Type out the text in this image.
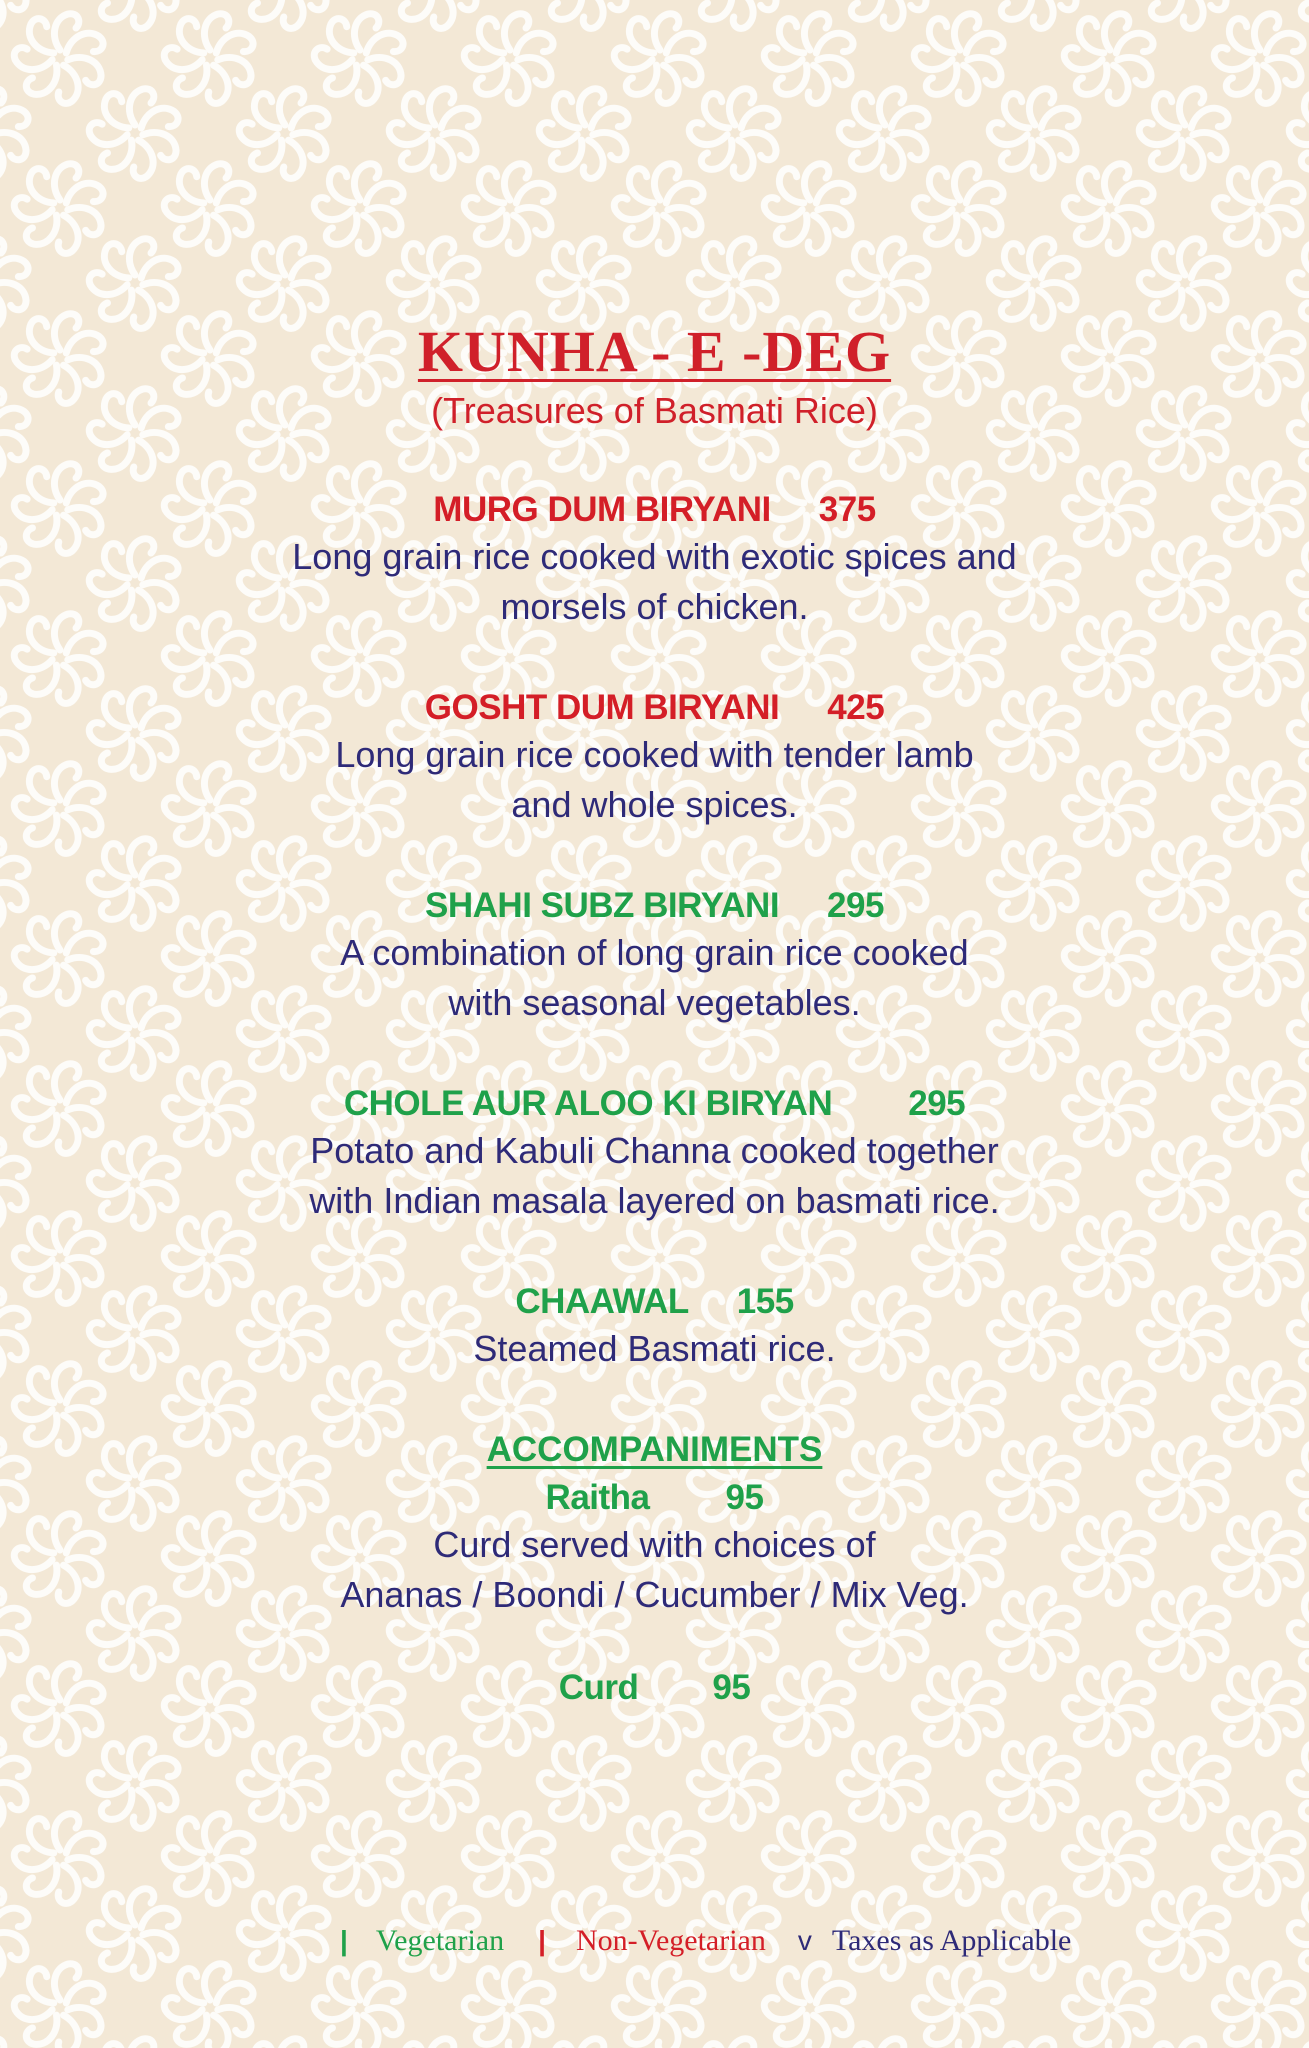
KUNHA - E -DEG
(Treasures of Basmati Rice)
MURG DUM BIRYANI 375
Long grain rice cooked with exotic spices and
morsels of chicken.
GOSHT DUM BIRYANI 425
Long grain rice cooked with tender lamb
and whole spices.
SHAHI SUBZ BIRYANI 295
A combination of long grain rice cooked
with seasonal vegetables.
CHOLE AUR ALOO KI BIRYAN 295
Potato and Kabuli Channa cooked together
with Indian masala layered on basmati rice.
CHAAWAL 155
Steamed Basmati rice.
ACCOMPANIMENTS
Raitha 95
Curd served with choices of
Ananas / Boondi / Cucumber / Mix Veg.
Curd 95
| Vegetarian | Non-Vegetarian v Taxes as Applicable
